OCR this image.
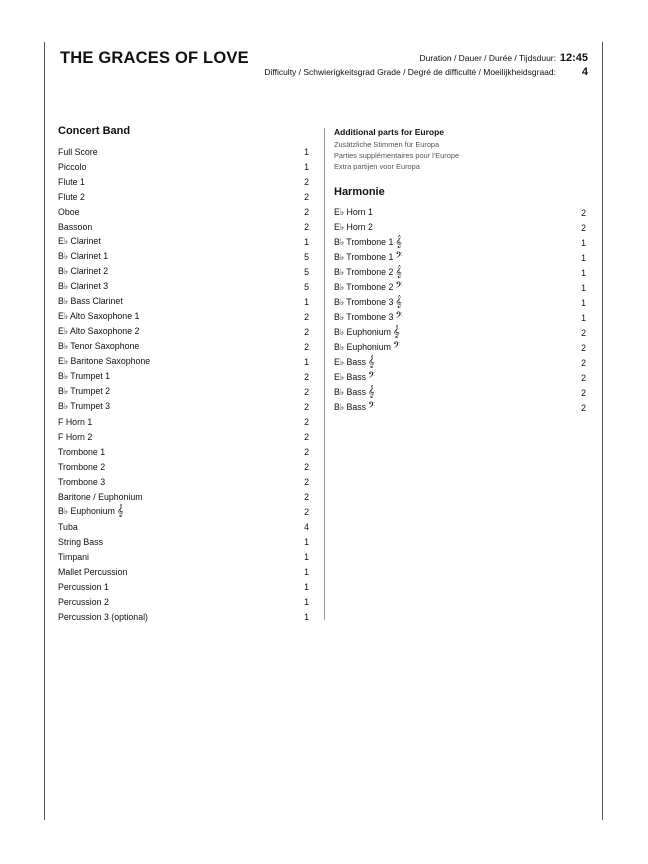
THE GRACES OF LOVE	Duration / Dauer / Durée / Tijdsduur: 12:45
Difficulty / Schwierigkeitsgrad Grade / Degré de difficulté / Moeilijkheidsgraad:	4
Concert Band
Full Score	1
Piccolo	1
Flute 1	2
Flute 2	2
Oboe	2
Bassoon	2
E♭ Clarinet	1
B♭ Clarinet 1	5
B♭ Clarinet 2	5
B♭ Clarinet 3	5
B♭ Bass Clarinet	1
E♭ Alto Saxophone 1	2
E♭ Alto Saxophone 2	2
B♭ Tenor Saxophone	2
E♭ Baritone Saxophone	1
B♭ Trumpet 1	2
B♭ Trumpet 2	2
B♭ Trumpet 3	2
F Horn 1	2
F Horn 2	2
Trombone 1	2
Trombone 2	2
Trombone 3	2
Baritone / Euphonium	2
B♭ Euphonium 𝄞	2
Tuba	4
String Bass	1
Timpani	1
Mallet Percussion	1
Percussion 1	1
Percussion 2	1
Percussion 3 (optional)	1
Additional parts for Europe
Zusätzliche Stimmen für Europa
Parties supplémentaires pour l'Europe
Extra partijen voor Europa
Harmonie
E♭ Horn 1	2
E♭ Horn 2	2
B♭ Trombone 1 𝄞	1
B♭ Trombone 1 𝄢	1
B♭ Trombone 2 𝄞	1
B♭ Trombone 2 𝄢	1
B♭ Trombone 3 𝄞	1
B♭ Trombone 3 𝄢	1
B♭ Euphonium 𝄞	2
B♭ Euphonium 𝄢	2
E♭ Bass 𝄞	2
E♭ Bass 𝄢	2
B♭ Bass 𝄞	2
B♭ Bass 𝄢	2
